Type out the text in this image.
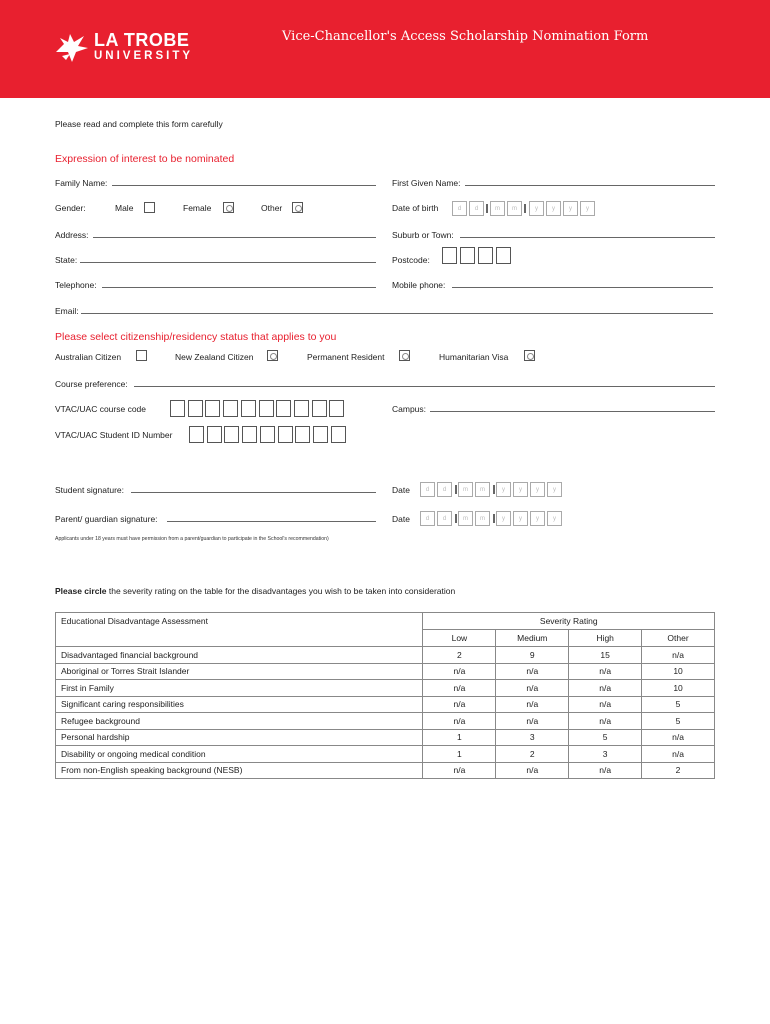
LA TROBE
UNIVERSITY
Vice-Chancellor's Access Scholarship Nomination Form
Please read and complete this form carefully
Expression of interest to be nominated
Family Name:	First Given Name:
Gender:	Male	Female	Other	Date of birth	d	d	m	m	y	y	y	y
Address:	Suburb or Town:
State:	Postcode:
Telephone:	Mobile phone:
Email:
Please select citizenship/residency status that applies to you
Australian Citizen	New Zealand Citizen	Permanent Resident	Humanitarian Visa
Course preference:
VTAC/UAC course code	Campus:
VTAC/UAC Student ID Number
Student signature:	Date	d	d	m	m	y	y	y	y
Parent/ guardian signature:	Date	d	d	m	m	y	y	y	y
Applicants under 18 years must have permission from a parent/guardian to participate in the School's recommendation)
Please circle the severity rating on the table for the disadvantages you wish to be taken into consideration
Educational Disadvantage Assessment	Severity Rating			
	Low	Medium	High	Other
Disadvantaged financial background	2	9	15	n/a
Aboriginal or Torres Strait Islander	n/a	n/a	n/a	10
First in Family	n/a	n/a	n/a	10
Significant caring responsibilities	n/a	n/a	n/a	5
Refugee background	n/a	n/a	n/a	5
Personal hardship	1	3	5	n/a
Disability or ongoing medical condition	1	2	3	n/a
From non-English speaking background (NESB)	n/a	n/a	n/a	2
